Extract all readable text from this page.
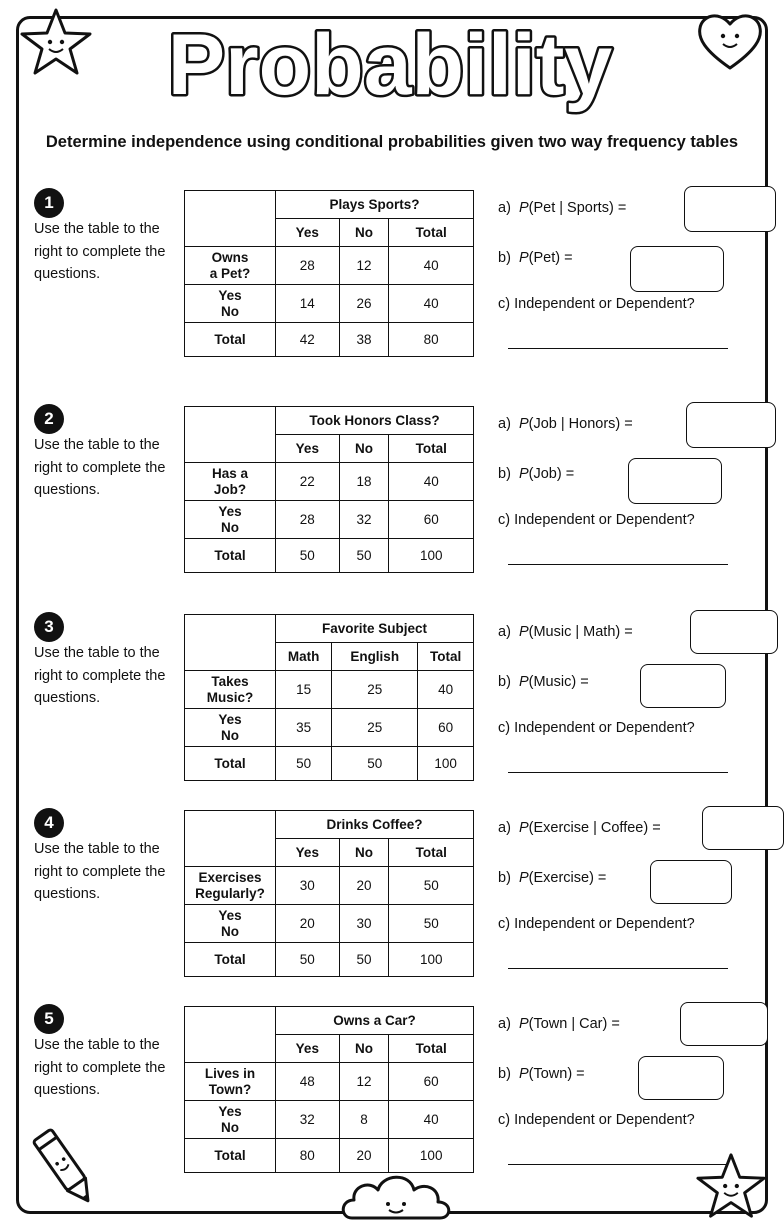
Probability
Determine independence using conditional probabilities given two way frequency tables
1
Use the table to the
right to complete the
questions.
	Plays Sports?		
	Yes	No	Total

Owns
a Pet?	28	12	40

Yes
No	14	26	40
Total	42	38	80
a) P(Pet | Sports) =
b) P(Pet) =
c) Independent or Dependent?
2
Use the table to the
right to complete the
questions.
	Took Honors Class?		
	Yes	No	Total

Has a
Job?	22	18	40

Yes
No	28	32	60
Total	50	50	100
a) P(Job | Honors) =
b) P(Job) =
c) Independent or Dependent?
3
Use the table to the
right to complete the
questions.
	Favorite Subject		
	Math	English	Total

Takes
Music?	15	25	40

Yes
No	35	25	60
Total	50	50	100
a) P(Music | Math) =
b) P(Music) =
c) Independent or Dependent?
4
Use the table to the
right to complete the
questions.
	Drinks Coffee?		
	Yes	No	Total

Exercises
Regularly?	30	20	50

Yes
No	20	30	50
Total	50	50	100
a) P(Exercise | Coffee) =
b) P(Exercise) =
c) Independent or Dependent?
5
Use the table to the
right to complete the
questions.
	Owns a Car?		
	Yes	No	Total

Lives in
Town?	48	12	60

Yes
No	32	8	40
Total	80	20	100
a) P(Town | Car) =
b) P(Town) =
c) Independent or Dependent?
